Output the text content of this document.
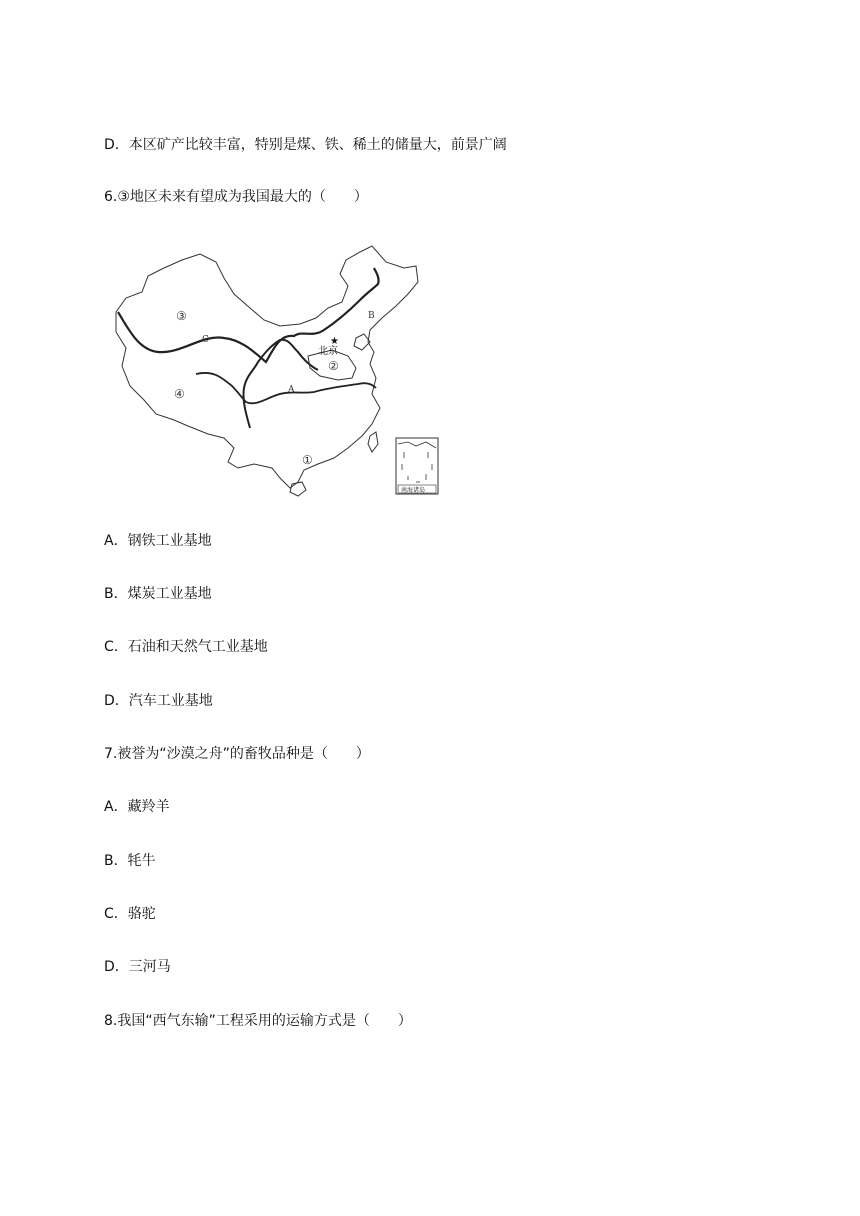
D．本区矿产比较丰富，特别是煤、铁、稀土的储量大，前景广阔
6.③地区未来有望成为我国最大的（　　）
★
北京
③
④
②
①
A
B
C
南海诸岛
A．钢铁工业基地
B．煤炭工业基地
C．石油和天然气工业基地
D．汽车工业基地
7.被誉为“沙漠之舟”的畜牧品种是（　　）
A．藏羚羊
B．牦牛
C．骆驼
D．三河马
8.我国“西气东输”工程采用的运输方式是（　　）
